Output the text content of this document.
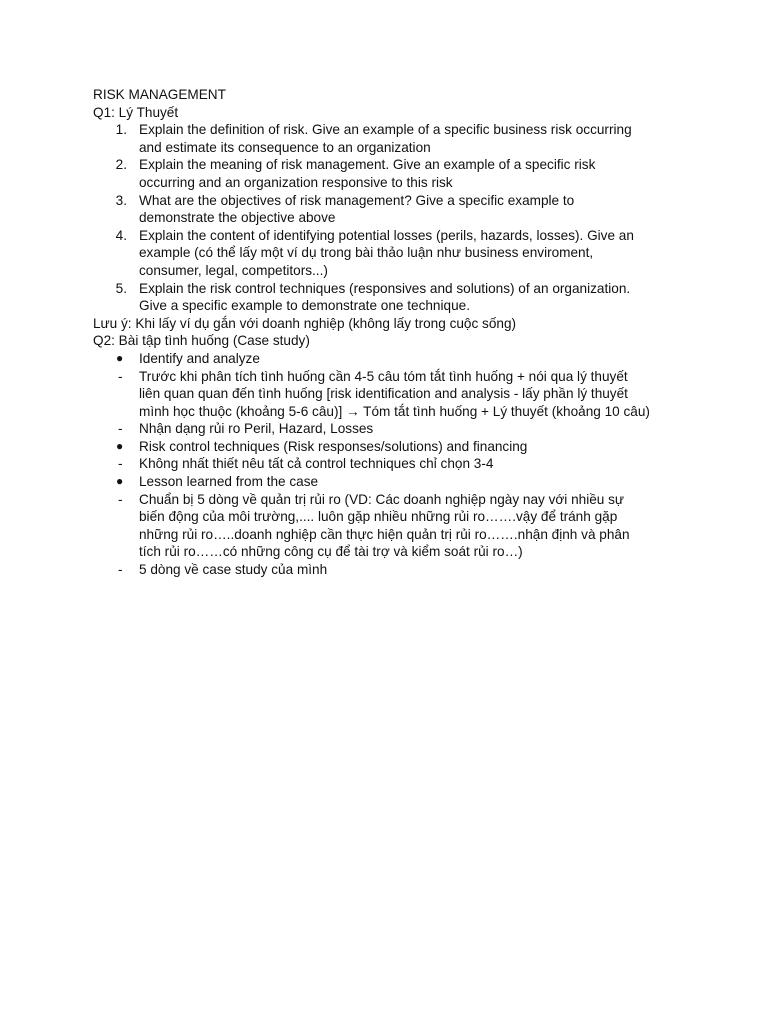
RISK MANAGEMENT

Q1: Lý Thuyết

1. Explain the definition of risk. Give an example of a specific business risk occurring
and estimate its consequence to an organization
2. Explain the meaning of risk management. Give an example of a specific risk
occurring and an organization responsive to this risk
3. What are the objectives of risk management? Give a specific example to
demonstrate the objective above
4. Explain the content of identifying potential losses (perils, hazards, losses). Give an
example (có thể lấy một ví dụ trong bài thảo luận như business enviroment,
consumer, legal, competitors...)
5. Explain the risk control techniques (responsives and solutions) of an organization.
Give a specific example to demonstrate one technique.

Lưu ý: Khi lấy ví dụ gắn với doanh nghiệp (không lấy trong cuộc sống)

Q2: Bài tập tình huống (Case study)

● Identify and analyze
- Trước khi phân tích tình huống cần 4-5 câu tóm tắt tình huống + nói qua lý thuyết
liên quan quan đến tình huống [risk identification and analysis - lấy phần lý thuyết
mình học thuộc (khoảng 5-6 câu)] → Tóm tắt tình huống + Lý thuyết (khoảng 10 câu)
- Nhận dạng rủi ro Peril, Hazard, Losses
● Risk control techniques (Risk responses/solutions) and financing
- Không nhất thiết nêu tất cả control techniques chỉ chọn 3-4
● Lesson learned from the case
- Chuẩn bị 5 dòng về quản trị rủi ro (VD: Các doanh nghiệp ngày nay với nhiều sự
biến động của môi trường,.... luôn gặp nhiều những rủi ro…….vậy để tránh gặp
những rủi ro…..doanh nghiệp cần thực hiện quản trị rủi ro…….nhận định và phân
tích rủi ro……có những công cụ để tài trợ và kiểm soát rủi ro…)
- 5 dòng về case study của mình
